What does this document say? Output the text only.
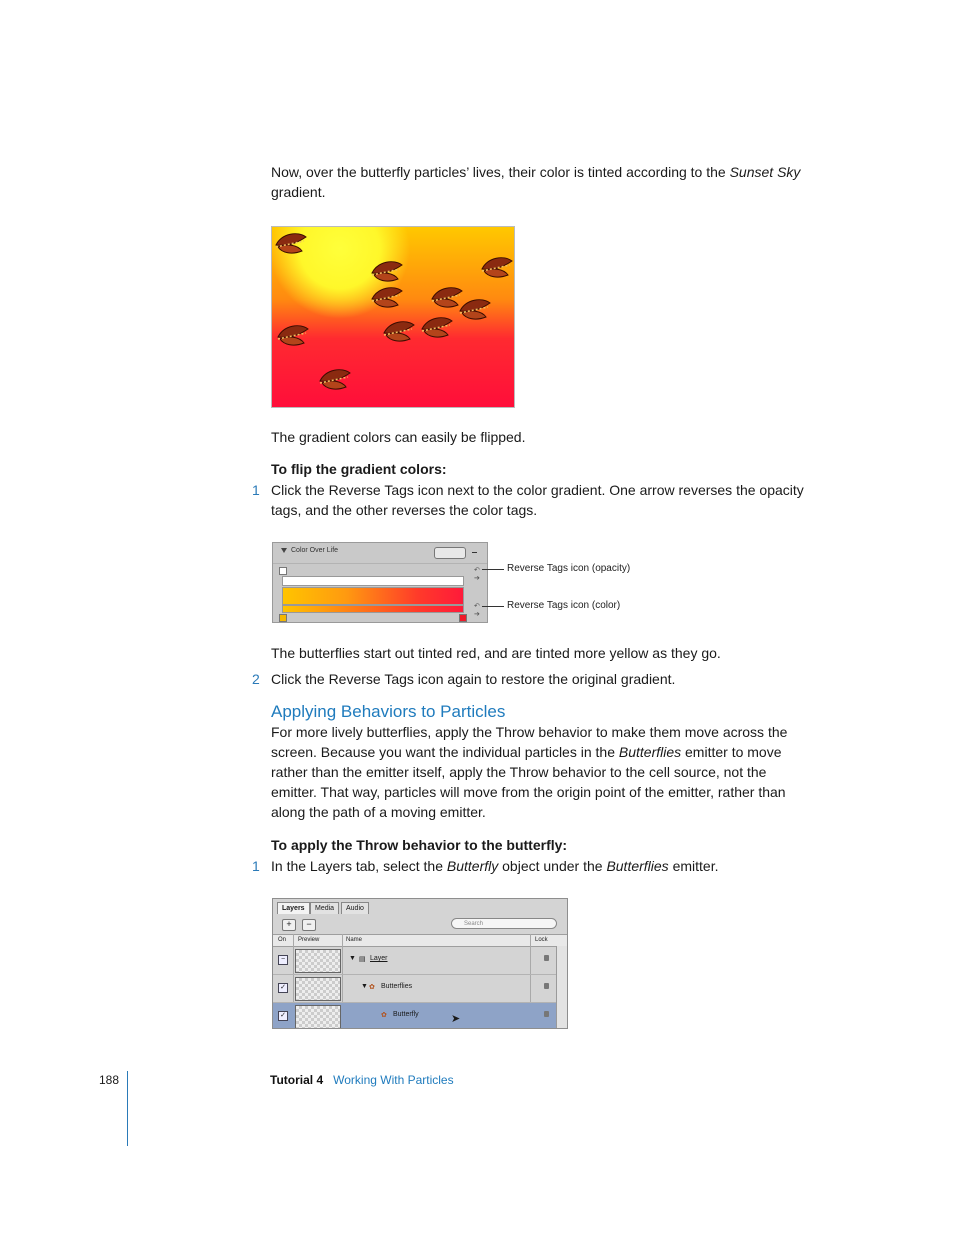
Now, over the butterfly particles’ lives, their color is tinted according to the Sunset Sky gradient.

The gradient colors can easily be flipped.

To flip the gradient colors:

1 Click the Reverse Tags icon next to the color gradient. One arrow reverses the opacity tags, and the other reverses the color tags.

Color Over Life
↶
➔
↶
➔
Reverse Tags icon (opacity)
Reverse Tags icon (color)

The butterflies start out tinted red, and are tinted more yellow as they go.

2 Click the Reverse Tags icon again to restore the original gradient.

Applying Behaviors to Particles

For more lively butterflies, apply the Throw behavior to make them move across the screen. Because you want the individual particles in the Butterflies emitter to move rather than the emitter itself, apply the Throw behavior to the cell source, not the emitter. That way, particles will move from the origin point of the emitter, rather than along the path of a moving emitter.

To apply the Throw behavior to the butterfly:

1 In the Layers tab, select the Butterfly object under the Butterflies emitter.

Layers	Media	Audio
+	−	Search
On Preview	Name	Lock
−	▼ ▤ Layer
✓	▼ ✿ Butterflies
✓	✿ Butterfly	➤
188	Tutorial 4 Working With Particles
